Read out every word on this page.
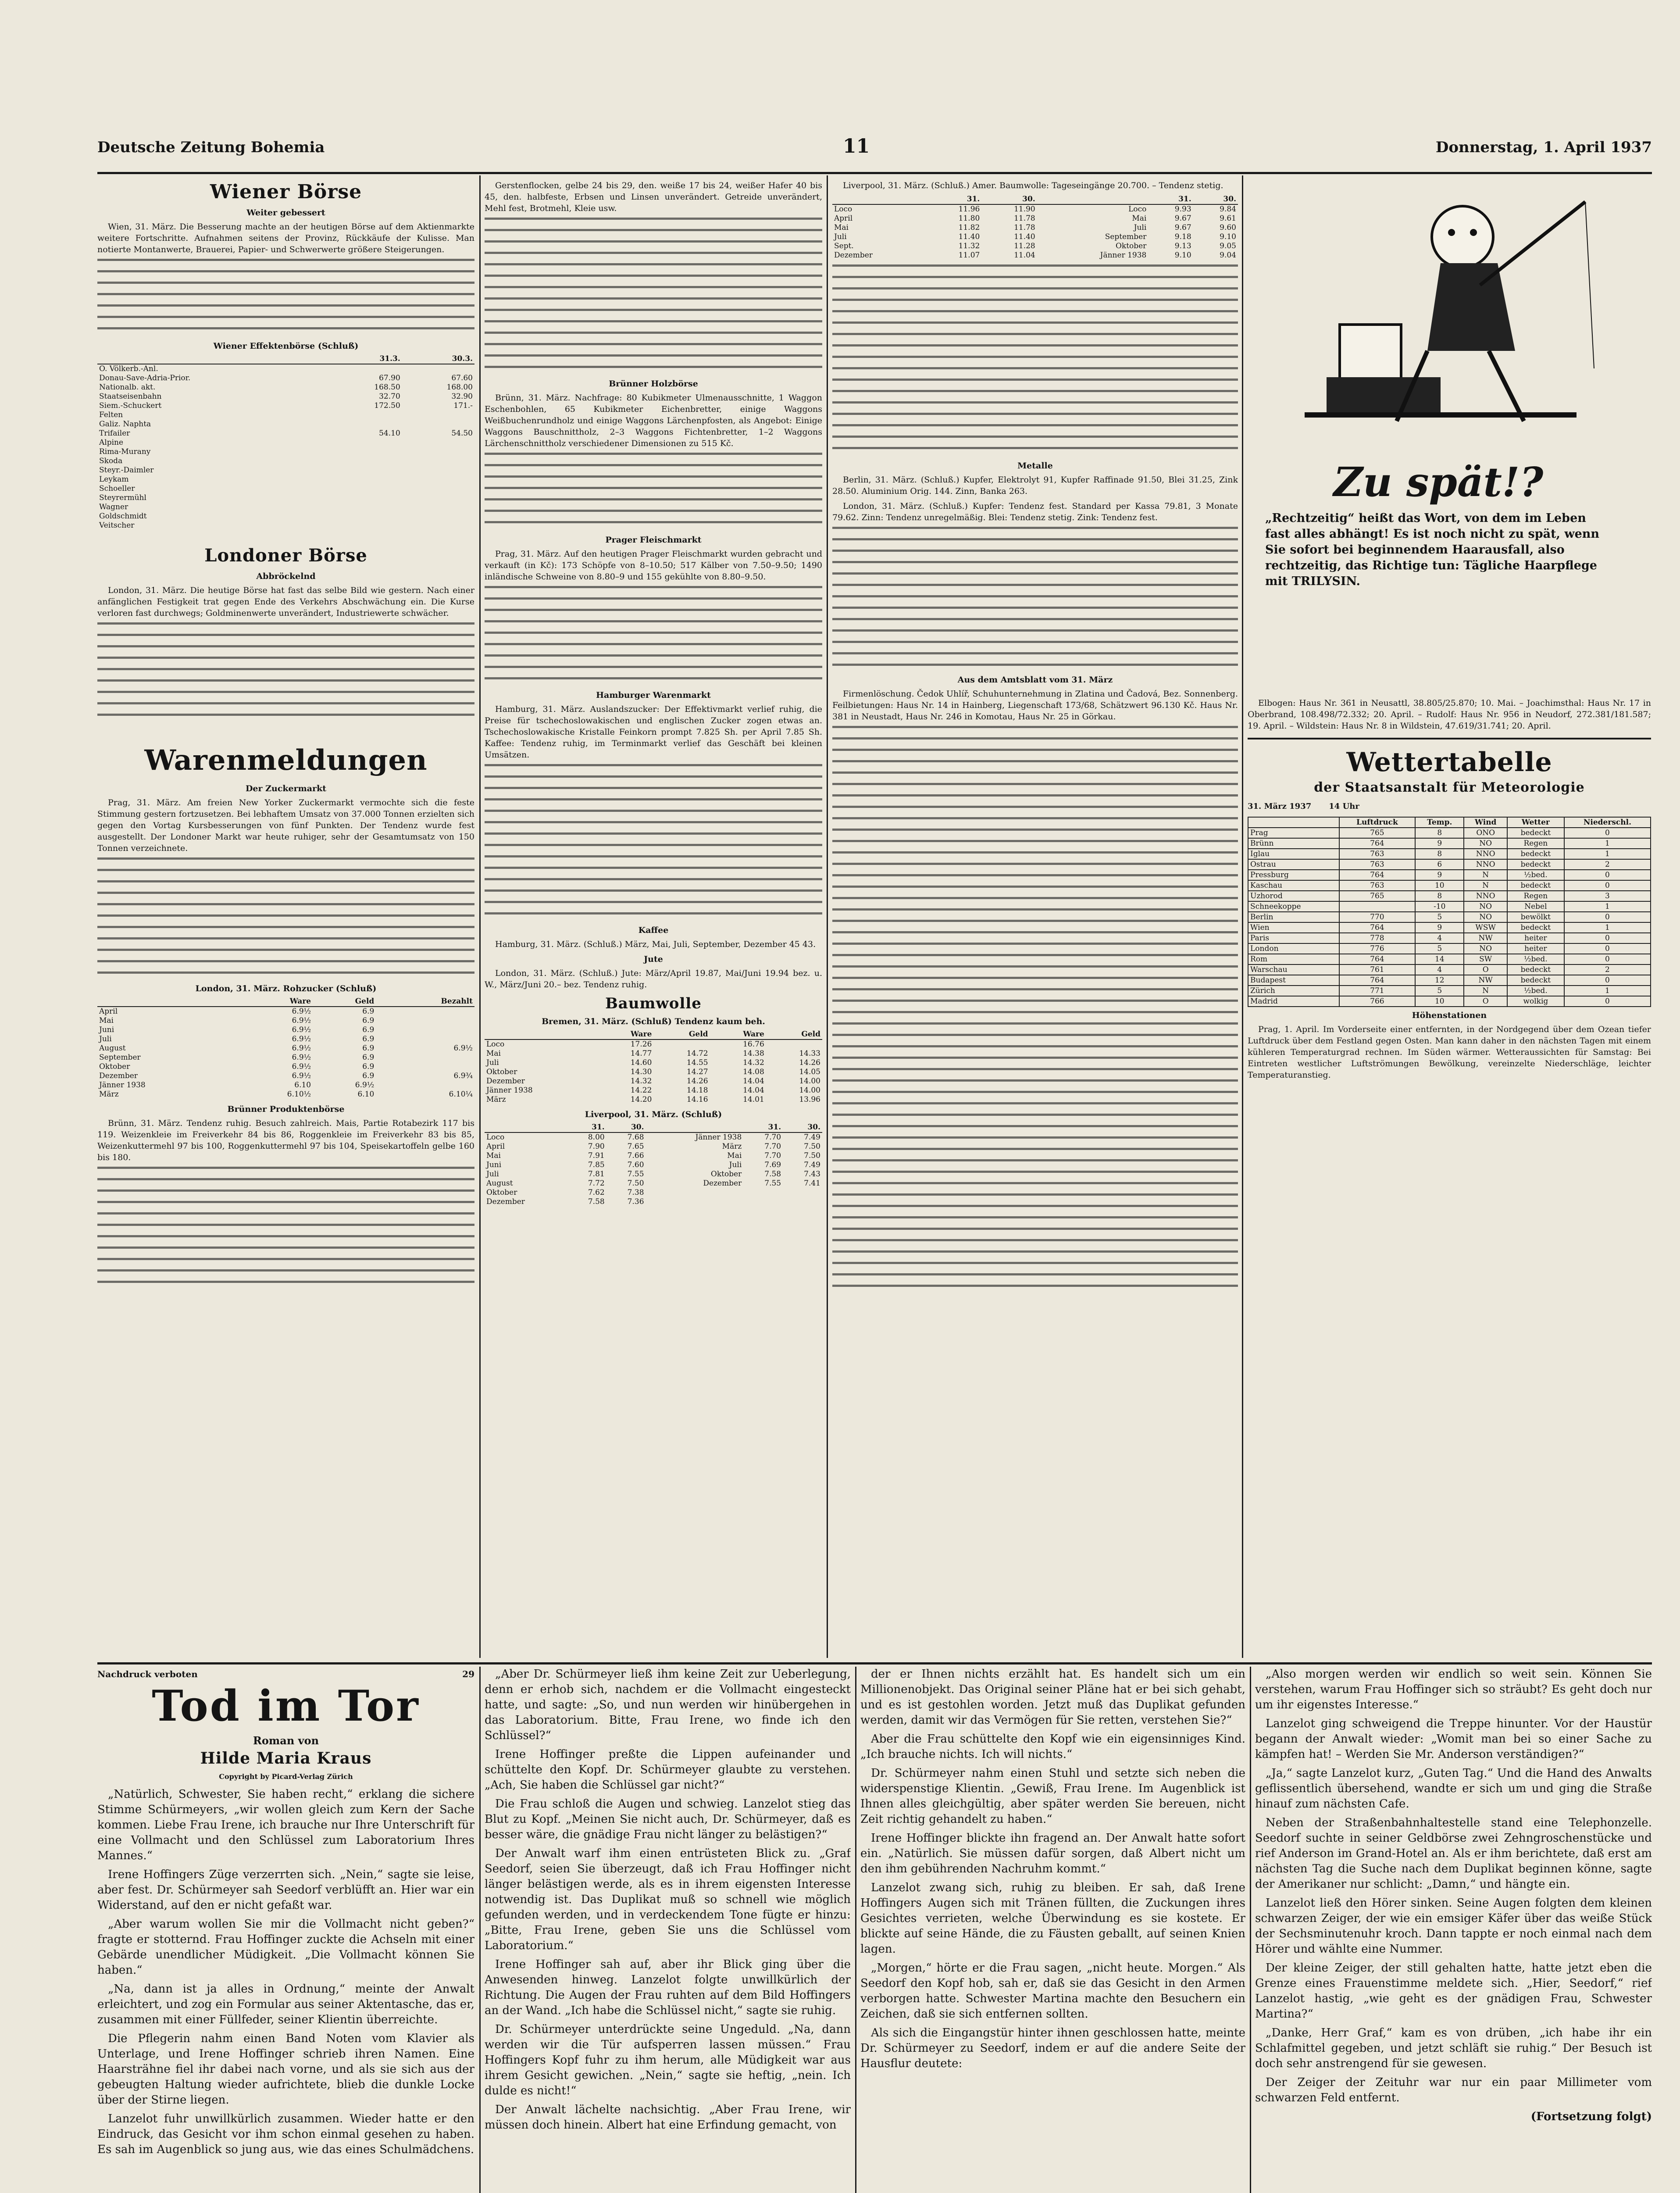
Deutsche Zeitung Bohemia	11	Donnerstag, 1. April 1937
Wiener Börse
Weiter gebessert

Wien, 31. März. Die Besserung machte an der heutigen Börse auf dem Aktienmarkte weitere Fortschritte. Aufnahmen seitens der Provinz, Rückkäufe der Kulisse. Man notierte Montanwerte, Brauerei, Papier- und Schwerwerte größere Steigerungen.

Wiener Effektenbörse (Schluß)
	31.3.	30.3.
O. Völkerb.-Anl.		
Donau-Save-Adria-Prior.	67.90	67.60
Nationalb. akt.	168.50	168.00
Staatseisenbahn	32.70	32.90
Siem.-Schuckert	172.50	171.-
Felten		
Galiz. Naphta		
Trifailer	54.10	54.50
Alpine		
Rima-Murany		
Skoda		
Steyr.-Daimler		
Leykam		
Schoeller		
Steyrermühl		
Wagner		
Goldschmidt		
Veitscher		
Londoner Börse
Abbröckelnd

London, 31. März. Die heutige Börse hat fast das selbe Bild wie gestern. Nach einer anfänglichen Festigkeit trat gegen Ende des Verkehrs Abschwächung ein. Die Kurse verloren fast durchwegs; Goldminenwerte unverändert, Industriewerte schwächer.

Warenmeldungen
Der Zuckermarkt

Prag, 31. März. Am freien New Yorker Zuckermarkt vermochte sich die feste Stimmung gestern fortzusetzen. Bei lebhaftem Umsatz von 37.000 Tonnen erzielten sich gegen den Vortag Kursbesserungen von fünf Punkten. Der Tendenz wurde fest ausgestellt. Der Londoner Markt war heute ruhiger, sehr der Gesamtumsatz von 150 Tonnen verzeichnete.

London, 31. März. Rohzucker (Schluß)
	Ware	Geld	Bezahlt
April	6.9½	6.9	
Mai	6.9½	6.9	
Juni	6.9½	6.9	
Juli	6.9½	6.9	
August	6.9½	6.9	6.9½
September	6.9½	6.9	
Oktober	6.9½	6.9	
Dezember	6.9½	6.9	6.9¾
Jänner 1938	6.10	6.9½	
März	6.10½	6.10	6.10¼
Brünner Produktenbörse

Brünn, 31. März. Tendenz ruhig. Besuch zahlreich. Mais, Partie Rotabezirk 117 bis 119. Weizenkleie im Freiverkehr 84 bis 86, Roggenkleie im Freiverkehr 83 bis 85, Weizenkuttermehl 97 bis 100, Roggenkuttermehl 97 bis 104, Speisekartoffeln gelbe 160 bis 180.

Gerstenflocken, gelbe 24 bis 29, den. weiße 17 bis 24, weißer Hafer 40 bis 45, den. halbfeste, Erbsen und Linsen unverändert. Getreide unverändert, Mehl fest, Brotmehl, Kleie usw.

Brünner Holzbörse

Brünn, 31. März. Nachfrage: 80 Kubikmeter Ulmenausschnitte, 1 Waggon Eschenbohlen, 65 Kubikmeter Eichenbretter, einige Waggons Weißbuchenrundholz und einige Waggons Lärchenpfosten, als Angebot: Einige Waggons Bauschnittholz, 2–3 Waggons Fichtenbretter, 1–2 Waggons Lärchenschnittholz verschiedener Dimensionen zu 515 Kč.

Prager Fleischmarkt

Prag, 31. März. Auf den heutigen Prager Fleischmarkt wurden gebracht und verkauft (in Kč): 173 Schöpfe von 8–10.50; 517 Kälber von 7.50–9.50; 1490 inländische Schweine von 8.80–9 und 155 gekühlte von 8.80–9.50.

Hamburger Warenmarkt

Hamburg, 31. März. Auslandszucker: Der Effektivmarkt verlief ruhig, die Preise für tschechoslowakischen und englischen Zucker zogen etwas an. Tschechoslowakische Kristalle Feinkorn prompt 7.825 Sh. per April 7.85 Sh. Kaffee: Tendenz ruhig, im Terminmarkt verlief das Geschäft bei kleinen Umsätzen.

Kaffee

Hamburg, 31. März. (Schluß.) März, Mai, Juli, September, Dezember 45 43.

Jute

London, 31. März. (Schluß.) Jute: März/April 19.87, Mai/Juni 19.94 bez. u. W., März/Juni 20.– bez. Tendenz ruhig.

Baumwolle
Bremen, 31. März. (Schluß) Tendenz kaum beh.
	Ware	Geld	Ware	Geld
Loco	17.26		16.76	
Mai	14.77	14.72	14.38	14.33
Juli	14.60	14.55	14.32	14.26
Oktober	14.30	14.27	14.08	14.05
Dezember	14.32	14.26	14.04	14.00
Jänner 1938	14.22	14.18	14.04	14.00
März	14.20	14.16	14.01	13.96
Liverpool, 31. März. (Schluß)
	31.	30.		31.	30.
Loco	8.00	7.68	Jänner 1938	7.70	7.49
April	7.90	7.65	März	7.70	7.50
Mai	7.91	7.66	Mai	7.70	7.50
Juni	7.85	7.60	Juli	7.69	7.49
Juli	7.81	7.55	Oktober	7.58	7.43
August	7.72	7.50	Dezember	7.55	7.41
Oktober	7.62	7.38			
Dezember	7.58	7.36			

Liverpool, 31. März. (Schluß.) Amer. Baumwolle: Tageseingänge 20.700. – Tendenz stetig.

	31.	30.		31.	30.
Loco	11.96	11.90	Loco	9.93	9.84
April	11.80	11.78	Mai	9.67	9.61
Mai	11.82	11.78	Juli	9.67	9.60
Juli	11.40	11.40	September	9.18	9.10
Sept.	11.32	11.28	Oktober	9.13	9.05
Dezember	11.07	11.04	Jänner 1938	9.10	9.04
Metalle

Berlin, 31. März. (Schluß.) Kupfer, Elektrolyt 91, Kupfer Raffinade 91.50, Blei 31.25, Zink 28.50. Aluminium Orig. 144. Zinn, Banka 263.

London, 31. März. (Schluß.) Kupfer: Tendenz fest. Standard per Kassa 79.81, 3 Monate 79.62. Zinn: Tendenz unregelmäßig. Blei: Tendenz stetig. Zink: Tendenz fest.

Aus dem Amtsblatt vom 31. März

Firmenlöschung. Čedok Uhlíř, Schuhunternehmung in Zlatina und Čadová, Bez. Sonnenberg. Feilbietungen: Haus Nr. 14 in Hainberg, Liegenschaft 173/68, Schätzwert 96.130 Kč. Haus Nr. 381 in Neustadt, Haus Nr. 246 in Komotau, Haus Nr. 25 in Görkau.

Zu spät!?
„Rechtzeitig“ heißt das Wort, von dem im Leben fast alles abhängt! Es ist noch nicht zu spät, wenn Sie sofort bei beginnendem Haarausfall, also rechtzeitig, das Richtige tun: Tägliche Haarpflege mit TRILYSIN.

Elbogen: Haus Nr. 361 in Neusattl, 38.805/25.870; 10. Mai. – Joachimsthal: Haus Nr. 17 in Oberbrand, 108.498/72.332; 20. April. – Rudolf: Haus Nr. 956 in Neudorf, 272.381/181.587; 19. April. – Wildstein: Haus Nr. 8 in Wildstein, 47.619/31.741; 20. April.

Wettertabelle
der Staatsanstalt für Meteorologie
31. März 1937 14 Uhr
	Luftdruck	Temp.	Wind	Wetter	Niederschl.
Prag	765	8	ONO	bedeckt	0
Brünn	764	9	NO	Regen	1
Iglau	763	8	NNO	bedeckt	1
Ostrau	763	6	NNO	bedeckt	2
Pressburg	764	9	N	½bed.	0
Kaschau	763	10	N	bedeckt	0
Uzhorod	765	8	NNO	Regen	3
Schneekoppe		-10	NO	Nebel	1
Berlin	770	5	NO	bewölkt	0
Wien	764	9	WSW	bedeckt	1
Paris	778	4	NW	heiter	0
London	776	5	NO	heiter	0
Rom	764	14	SW	½bed.	0
Warschau	761	4	O	bedeckt	2
Budapest	764	12	NW	bedeckt	0
Zürich	771	5	N	½bed.	1
Madrid	766	10	O	wolkig	0
Höhenstationen

Prag, 1. April. Im Vorderseite einer entfernten, in der Nordgegend über dem Ozean tiefer Luftdruck über dem Festland gegen Osten. Man kann daher in den nächsten Tagen mit einem kühleren Temperaturgrad rechnen. Im Süden wärmer. Wetteraussichten für Samstag: Bei Eintreten westlicher Luftströmungen Bewölkung, vereinzelte Niederschläge, leichter Temperaturanstieg.

Nachdruck verboten	29
Tod im Tor
Roman von
Hilde Maria Kraus
Copyright by Picard-Verlag Zürich

„Natürlich, Schwester, Sie haben recht,“ erklang die sichere Stimme Schürmeyers, „wir wollen gleich zum Kern der Sache kommen. Liebe Frau Irene, ich brauche nur Ihre Unterschrift für eine Vollmacht und den Schlüssel zum Laboratorium Ihres Mannes.“

Irene Hoffingers Züge verzerrten sich. „Nein,“ sagte sie leise, aber fest. Dr. Schürmeyer sah Seedorf verblüfft an. Hier war ein Widerstand, auf den er nicht gefaßt war.

„Aber warum wollen Sie mir die Vollmacht nicht geben?“ fragte er stotternd. Frau Hoffinger zuckte die Achseln mit einer Gebärde unendlicher Müdigkeit. „Die Vollmacht können Sie haben.“

„Na, dann ist ja alles in Ordnung,“ meinte der Anwalt erleichtert, und zog ein Formular aus seiner Aktentasche, das er, zusammen mit einer Füllfeder, seiner Klientin überreichte.

Die Pflegerin nahm einen Band Noten vom Klavier als Unterlage, und Irene Hoffinger schrieb ihren Namen. Eine Haarsträhne fiel ihr dabei nach vorne, und als sie sich aus der gebeugten Haltung wieder aufrichtete, blieb die dunkle Locke über der Stirne liegen.

Lanzelot fuhr unwillkürlich zusammen. Wieder hatte er den Eindruck, das Gesicht vor ihm schon einmal gesehen zu haben. Es sah im Augenblick so jung aus, wie das eines Schulmädchens.

„Aber Dr. Schürmeyer ließ ihm keine Zeit zur Ueberlegung, denn er erhob sich, nachdem er die Vollmacht eingesteckt hatte, und sagte: „So, und nun werden wir hinübergehen in das Laboratorium. Bitte, Frau Irene, wo finde ich den Schlüssel?“

Irene Hoffinger preßte die Lippen aufeinander und schüttelte den Kopf. Dr. Schürmeyer glaubte zu verstehen. „Ach, Sie haben die Schlüssel gar nicht?“

Die Frau schloß die Augen und schwieg. Lanzelot stieg das Blut zu Kopf. „Meinen Sie nicht auch, Dr. Schürmeyer, daß es besser wäre, die gnädige Frau nicht länger zu belästigen?“

Der Anwalt warf ihm einen entrüsteten Blick zu. „Graf Seedorf, seien Sie überzeugt, daß ich Frau Hoffinger nicht länger belästigen werde, als es in ihrem eigensten Interesse notwendig ist. Das Duplikat muß so schnell wie möglich gefunden werden, und in verdeckendem Tone fügte er hinzu: „Bitte, Frau Irene, geben Sie uns die Schlüssel vom Laboratorium.“

Irene Hoffinger sah auf, aber ihr Blick ging über die Anwesenden hinweg. Lanzelot folgte unwillkürlich der Richtung. Die Augen der Frau ruhten auf dem Bild Hoffingers an der Wand. „Ich habe die Schlüssel nicht,“ sagte sie ruhig.

Dr. Schürmeyer unterdrückte seine Ungeduld. „Na, dann werden wir die Tür aufsperren lassen müssen.“ Frau Hoffingers Kopf fuhr zu ihm herum, alle Müdigkeit war aus ihrem Gesicht gewichen. „Nein,“ sagte sie heftig, „nein. Ich dulde es nicht!“

Der Anwalt lächelte nachsichtig. „Aber Frau Irene, wir müssen doch hinein. Albert hat eine Erfindung gemacht, von

der er Ihnen nichts erzählt hat. Es handelt sich um ein Millionenobjekt. Das Original seiner Pläne hat er bei sich gehabt, und es ist gestohlen worden. Jetzt muß das Duplikat gefunden werden, damit wir das Vermögen für Sie retten, verstehen Sie?“

Aber die Frau schüttelte den Kopf wie ein eigensinniges Kind. „Ich brauche nichts. Ich will nichts.“

Dr. Schürmeyer nahm einen Stuhl und setzte sich neben die widerspenstige Klientin. „Gewiß, Frau Irene. Im Augenblick ist Ihnen alles gleichgültig, aber später werden Sie bereuen, nicht Zeit richtig gehandelt zu haben.“

Irene Hoffinger blickte ihn fragend an. Der Anwalt hatte sofort ein. „Natürlich. Sie müssen dafür sorgen, daß Albert nicht um den ihm gebührenden Nachruhm kommt.“

Lanzelot zwang sich, ruhig zu bleiben. Er sah, daß Irene Hoffingers Augen sich mit Tränen füllten, die Zuckungen ihres Gesichtes verrieten, welche Überwindung es sie kostete. Er blickte auf seine Hände, die zu Fäusten geballt, auf seinen Knien lagen.

„Morgen,“ hörte er die Frau sagen, „nicht heute. Morgen.“ Als Seedorf den Kopf hob, sah er, daß sie das Gesicht in den Armen verborgen hatte. Schwester Martina machte den Besuchern ein Zeichen, daß sie sich entfernen sollten.

Als sich die Eingangstür hinter ihnen geschlossen hatte, meinte Dr. Schürmeyer zu Seedorf, indem er auf die andere Seite der Hausflur deutete:

„Also morgen werden wir endlich so weit sein. Können Sie verstehen, warum Frau Hoffinger sich so sträubt? Es geht doch nur um ihr eigenstes Interesse.“

Lanzelot ging schweigend die Treppe hinunter. Vor der Haustür begann der Anwalt wieder: „Womit man bei so einer Sache zu kämpfen hat! – Werden Sie Mr. Anderson verständigen?“

„Ja,“ sagte Lanzelot kurz, „Guten Tag.“ Und die Hand des Anwalts geflissentlich übersehend, wandte er sich um und ging die Straße hinauf zum nächsten Cafe.

Neben der Straßenbahnhaltestelle stand eine Telephonzelle. Seedorf suchte in seiner Geldbörse zwei Zehngroschenstücke und rief Anderson im Grand-Hotel an. Als er ihm berichtete, daß erst am nächsten Tag die Suche nach dem Duplikat beginnen könne, sagte der Amerikaner nur schlicht: „Damn,“ und hängte ein.

Lanzelot ließ den Hörer sinken. Seine Augen folgten dem kleinen schwarzen Zeiger, der wie ein emsiger Käfer über das weiße Stück der Sechsminutenuhr kroch. Dann tappte er noch einmal nach dem Hörer und wählte eine Nummer.

Der kleine Zeiger, der still gehalten hatte, hatte jetzt eben die Grenze eines Frauenstimme meldete sich. „Hier, Seedorf,“ rief Lanzelot hastig, „wie geht es der gnädigen Frau, Schwester Martina?“

„Danke, Herr Graf,“ kam es von drüben, „ich habe ihr ein Schlafmittel gegeben, und jetzt schläft sie ruhig.“ Der Besuch ist doch sehr anstrengend für sie gewesen.

Der Zeiger der Zeituhr war nur ein paar Millimeter vom schwarzen Feld entfernt.

(Fortsetzung folgt)
